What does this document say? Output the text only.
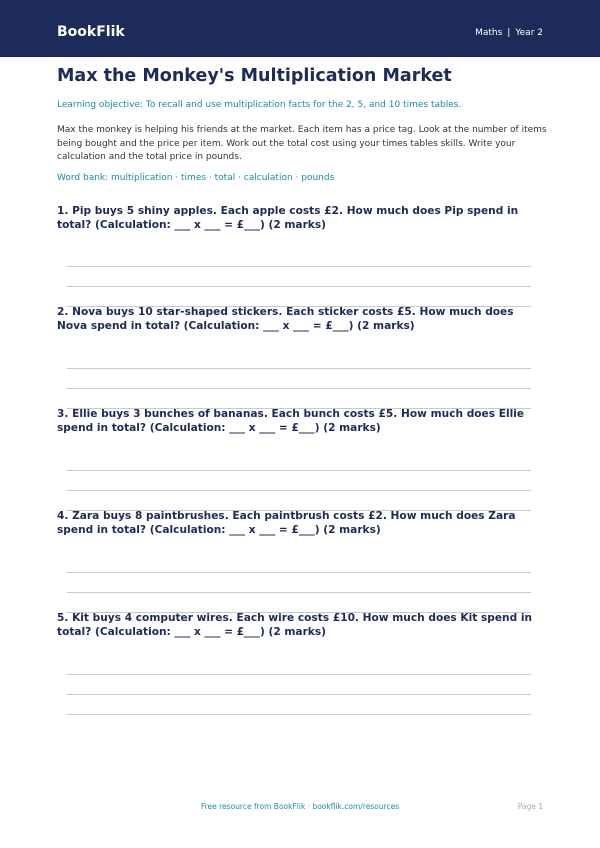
BookFlik	Maths | Year 2
Max the Monkey's Multiplication Market
Learning objective: To recall and use multiplication facts for the 2, 5, and 10 times tables.
Max the monkey is helping his friends at the market. Each item has a price tag. Look at the number of items being bought and the price per item. Work out the total cost using your times tables skills. Write your calculation and the total price in pounds.
Word bank: multiplication · times · total · calculation · pounds
1. Pip buys 5 shiny apples. Each apple costs £2. How much does Pip spend in total? (Calculation: ___ x ___ = £___) (2 marks)
2. Nova buys 10 star-shaped stickers. Each sticker costs £5. How much does Nova spend in total? (Calculation: ___ x ___ = £___) (2 marks)
3. Ellie buys 3 bunches of bananas. Each bunch costs £5. How much does Ellie spend in total? (Calculation: ___ x ___ = £___) (2 marks)
4. Zara buys 8 paintbrushes. Each paintbrush costs £2. How much does Zara spend in total? (Calculation: ___ x ___ = £___) (2 marks)
5. Kit buys 4 computer wires. Each wire costs £10. How much does Kit spend in total? (Calculation: ___ x ___ = £___) (2 marks)
Free resource from BookFlik · bookflik.com/resources	Page 1
